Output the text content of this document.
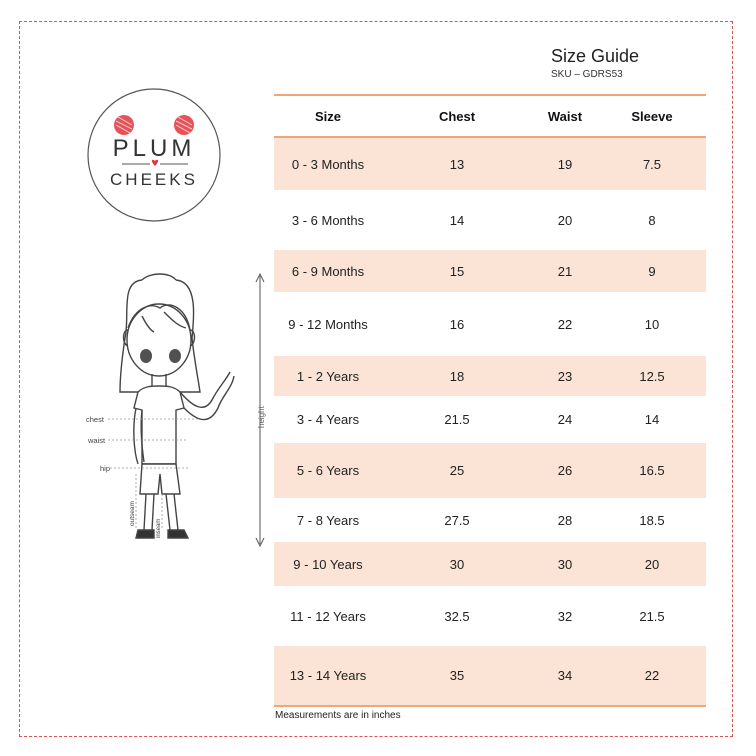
Size Guide
SKU – GDRS53
PLUM
CHEEKS
height
chest
waist
hip
outseam
inseam
Size	Chest	Waist	Sleeve
0 - 3 Months	13	19	7.5
3 - 6 Months	14	20	8
6 - 9 Months	15	21	9
9 - 12 Months	16	22	10
1 - 2 Years	18	23	12.5
3 - 4 Years	21.5	24	14
5 - 6 Years	25	26	16.5
7 - 8 Years	27.5	28	18.5
9 - 10 Years	30	30	20
11 - 12 Years	32.5	32	21.5
13 - 14 Years	35	34	22
Measurements are in inches
